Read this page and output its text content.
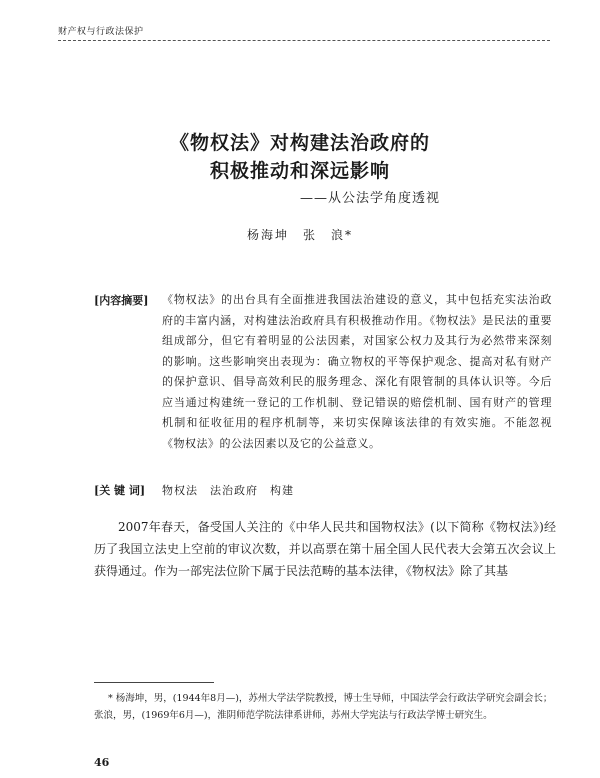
财产权与行政法保护
《物权法》对构建法治政府的
积极推动和深远影响
——从公法学角度透视
杨海坤　张　浪*
[内容摘要] 《物权法》的出台具有全面推进我国法治建设的意义，其中包括充实法治政府的丰富内涵，对构建法治政府具有积极推动作用。《物权法》是民法的重要组成部分，但它有着明显的公法因素，对国家公权力及其行为必然带来深刻的影响。这些影响突出表现为：确立物权的平等保护观念、提高对私有财产的保护意识、倡导高效利民的服务理念、深化有限管制的具体认识等。今后应当通过构建统一登记的工作机制、登记错误的赔偿机制、国有财产的管理机制和征收征用的程序机制等，来切实保障该法律的有效实施。不能忽视《物权法》的公法因素以及它的公益意义。
[关 键 词] 物权法　法治政府　构建
2007年春天，备受国人关注的《中华人民共和国物权法》(以下简称《物权法》)经历了我国立法史上空前的审议次数，并以高票在第十届全国人民代表大会第五次会议上获得通过。作为一部宪法位阶下属于民法范畴的基本法律，《物权法》除了其基
* 杨海坤，男，(1944年8月—)，苏州大学法学院教授，博士生导师，中国法学会行政法学研究会副会长；张浪，男，(1969年6月—)，淮阴师范学院法律系讲师，苏州大学宪法与行政法学博士研究生。
46
